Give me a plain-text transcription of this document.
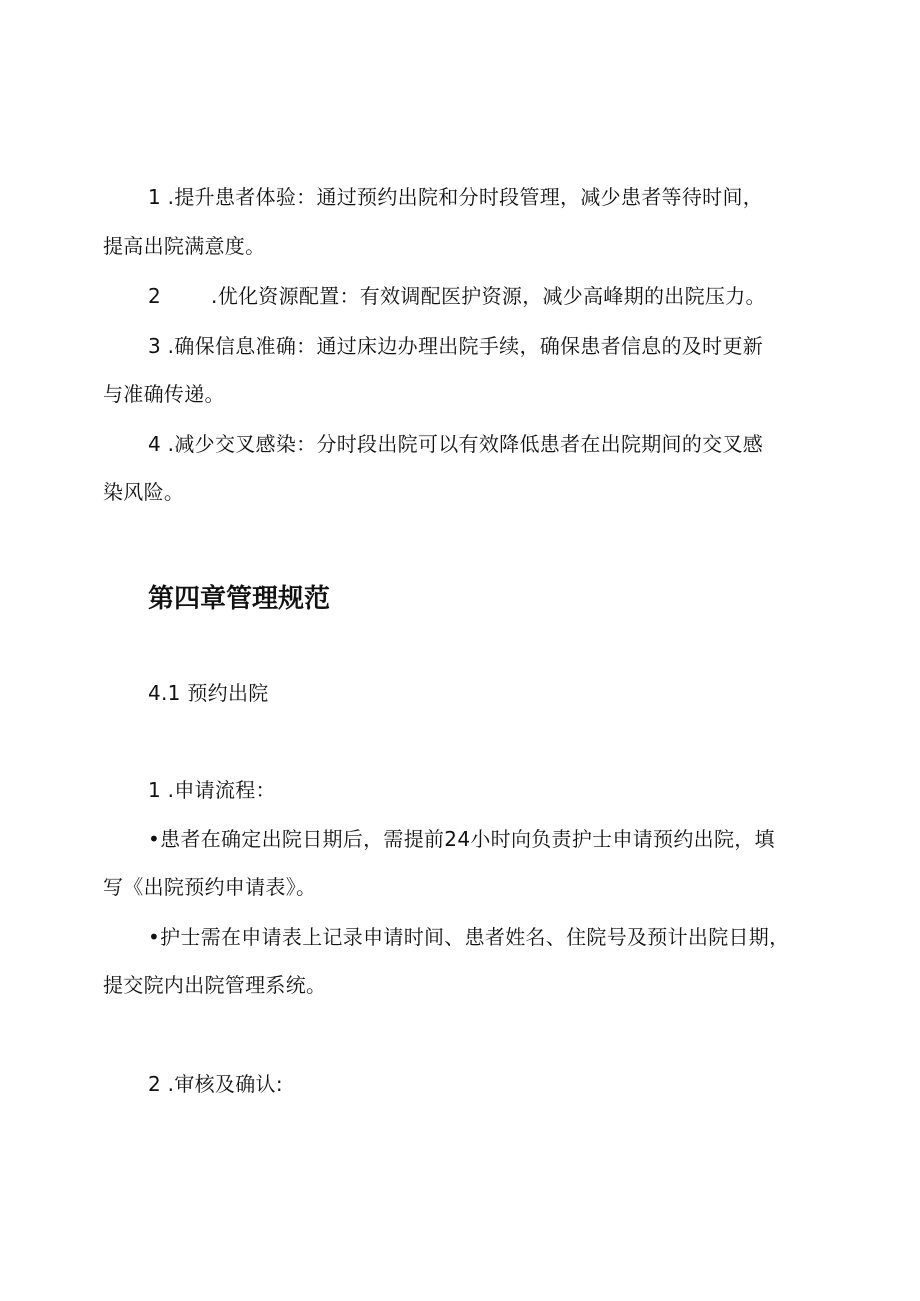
1 .提升患者体验：通过预约出院和分时段管理，减少患者等待时间，
提高出院满意度。
2	.优化资源配置：有效调配医护资源，减少高峰期的出院压力。
3 .确保信息准确：通过床边办理出院手续，确保患者信息的及时更新
与准确传递。
4 .减少交叉感染：分时段出院可以有效降低患者在出院期间的交叉感
染风险。
第四章管理规范
4.1 预约出院
1 .申请流程：
•患者在确定出院日期后，需提前24小时向负责护士申请预约出院，填
写《出院预约申请表》。
•护士需在申请表上记录申请时间、患者姓名、住院号及预计出院日期，
提交院内出院管理系统。
2 .审核及确认:
